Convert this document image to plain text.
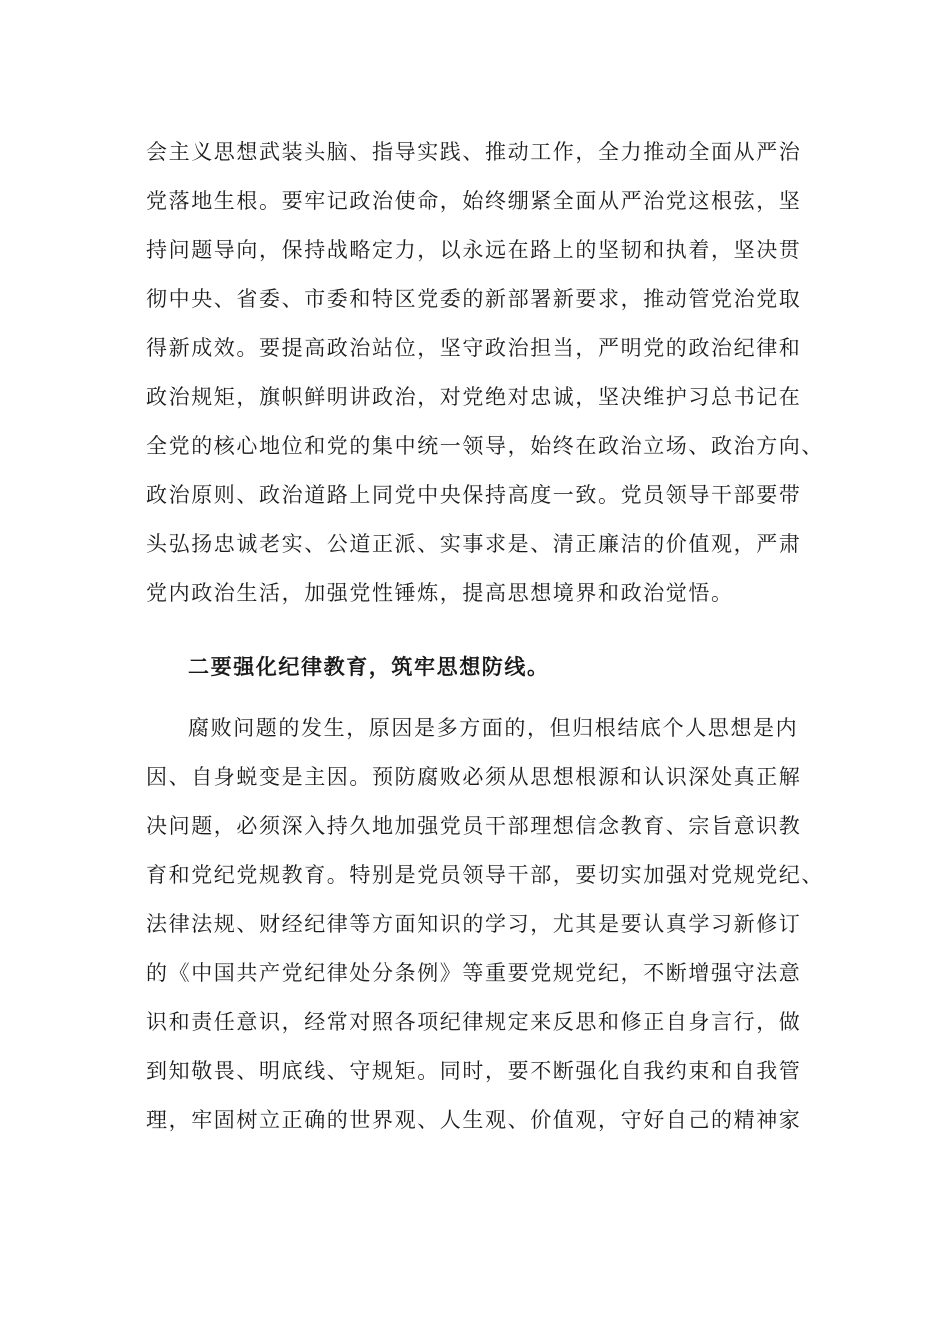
会主义思想武装头脑、指导实践、推动工作，全力推动全面从严治
党落地生根。要牢记政治使命，始终绷紧全面从严治党这根弦，坚
持问题导向，保持战略定力，以永远在路上的坚韧和执着，坚决贯
彻中央、省委、市委和特区党委的新部署新要求，推动管党治党取
得新成效。要提高政治站位，坚守政治担当，严明党的政治纪律和
政治规矩，旗帜鲜明讲政治，对党绝对忠诚，坚决维护习总书记在
全党的核心地位和党的集中统一领导，始终在政治立场、政治方向、
政治原则、政治道路上同党中央保持高度一致。党员领导干部要带
头弘扬忠诚老实、公道正派、实事求是、清正廉洁的价值观，严肃
党内政治生活，加强党性锤炼，提高思想境界和政治觉悟。
二要强化纪律教育，筑牢思想防线。
腐败问题的发生，原因是多方面的，但归根结底个人思想是内
因、自身蜕变是主因。预防腐败必须从思想根源和认识深处真正解
决问题，必须深入持久地加强党员干部理想信念教育、宗旨意识教
育和党纪党规教育。特别是党员领导干部，要切实加强对党规党纪、
法律法规、财经纪律等方面知识的学习，尤其是要认真学习新修订
的《中国共产党纪律处分条例》等重要党规党纪，不断增强守法意
识和责任意识，经常对照各项纪律规定来反思和修正自身言行，做
到知敬畏、明底线、守规矩。同时，要不断强化自我约束和自我管
理，牢固树立正确的世界观、人生观、价值观，守好自己的精神家
